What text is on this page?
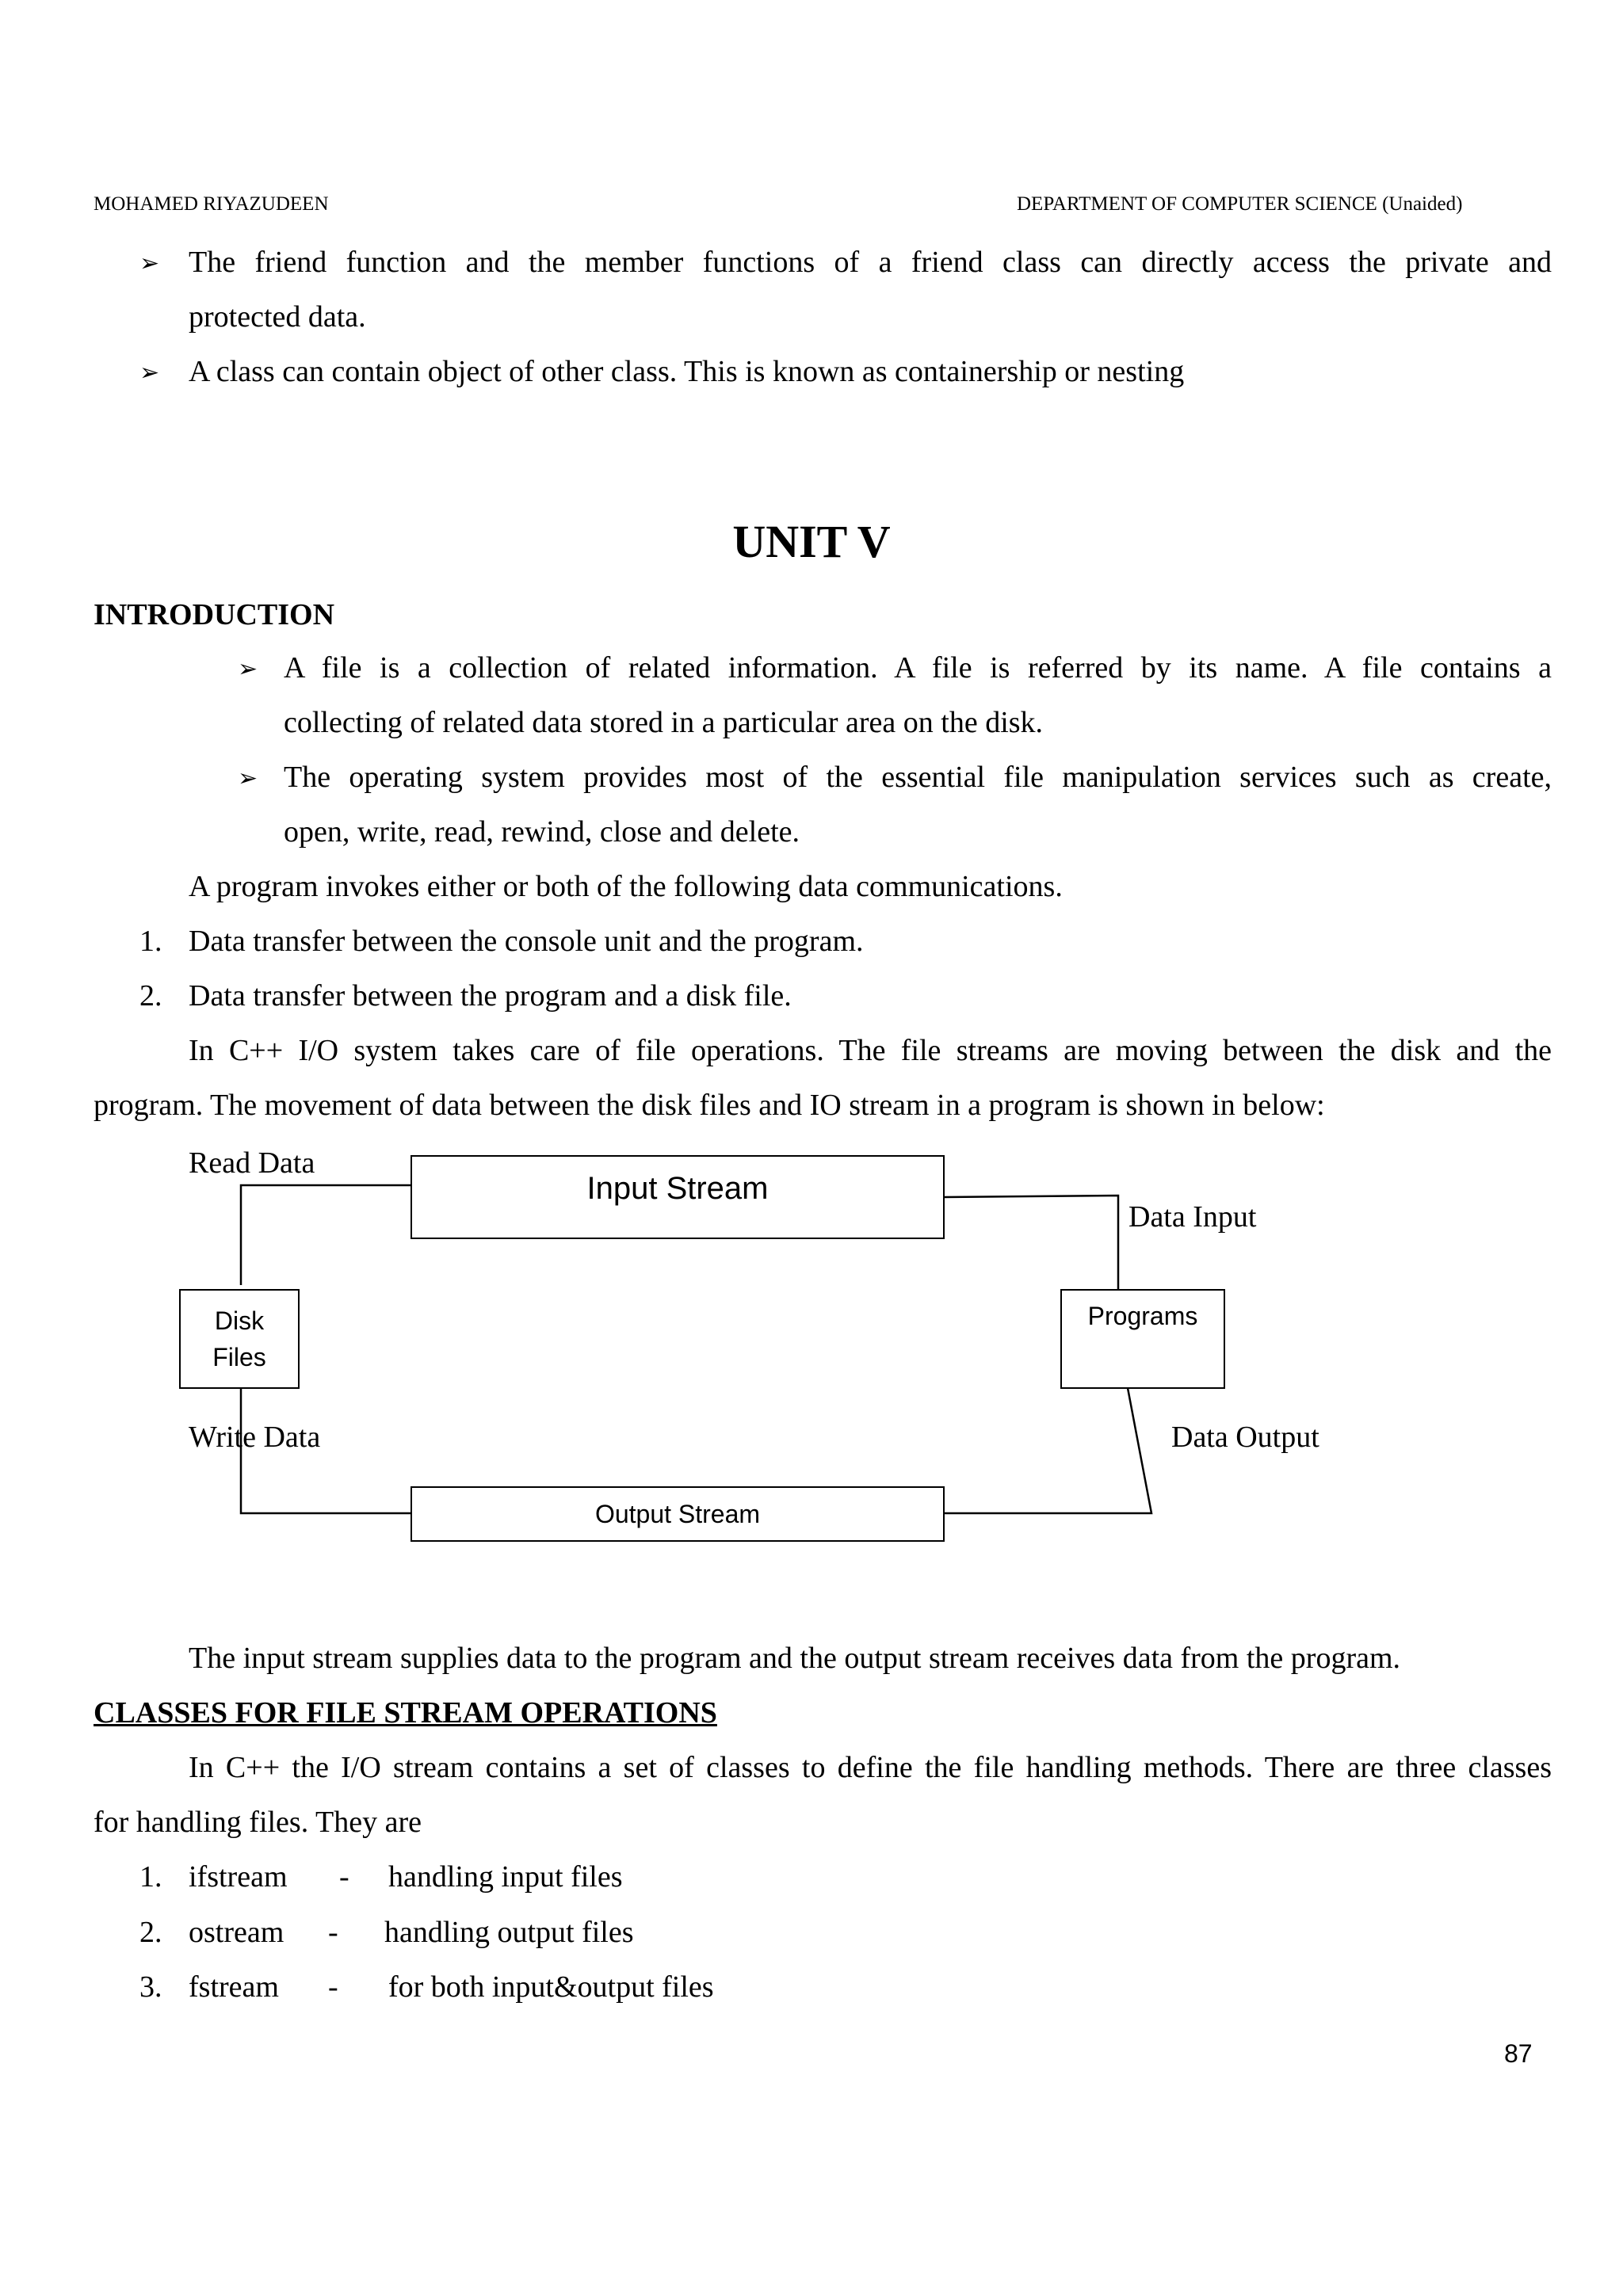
MOHAMED RIYAZUDEEN	DEPARTMENT OF COMPUTER SCIENCE (Unaided)
➢ The friend function and the member functions of a friend class can directly access the private and
protected data.
➢ A class can contain object of other class. This is known as containership or nesting
UNIT V
INTRODUCTION
➢ A file is a collection of related information. A file is referred by its name. A file contains a
collecting of related data stored in a particular area on the disk.
➢ The operating system provides most of the essential file manipulation services such as create,
open, write, read, rewind, close and delete.
A program invokes either or both of the following data communications.
1. Data transfer between the console unit and the program.
2. Data transfer between the program and a disk file.
In C++ I/O system takes care of file operations. The file streams are moving between the disk and the
program. The movement of data between the disk files and IO stream in a program is shown in below:
Read Data
Input Stream
Data Input
Disk
Files
Programs
Write Data	Data Output
Output Stream
The input stream supplies data to the program and the output stream receives data from the program.
CLASSES FOR FILE STREAM OPERATIONS
In C++ the I/O stream contains a set of classes to define the file handling methods. There are three classes
for handling files. They are
1. ifstream - handling input files
2. ostream - handling output files
3. fstream - for both input&output files
87
